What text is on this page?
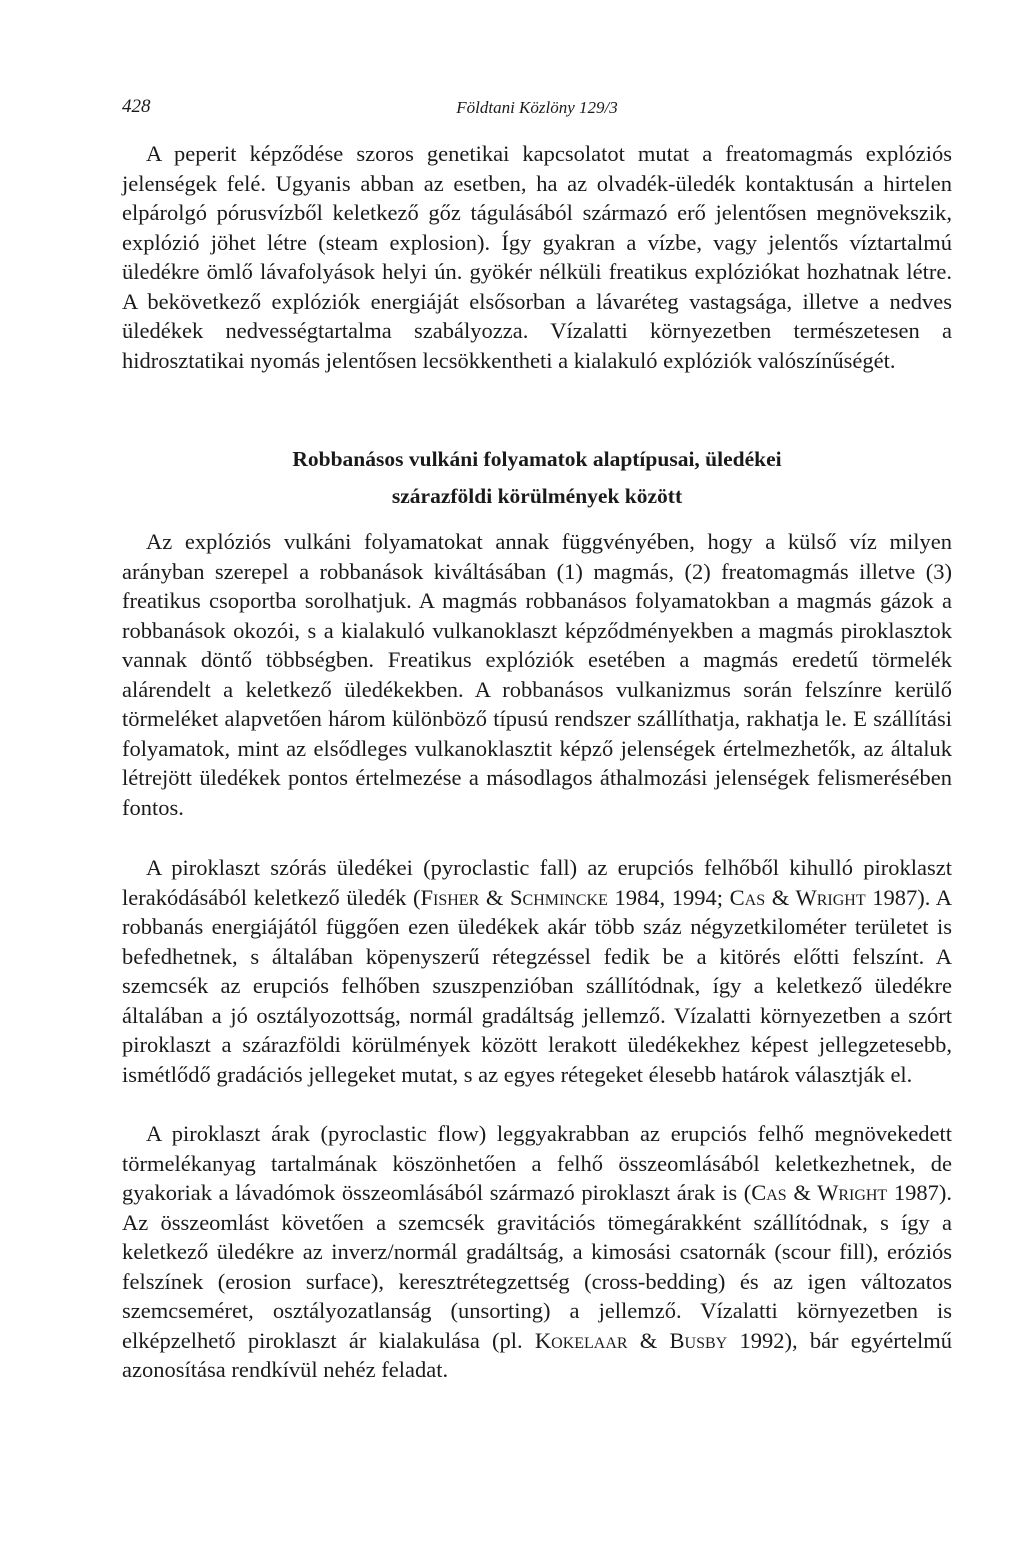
428	Földtani Közlöny 129/3

A peperit képződése szoros genetikai kapcsolatot mutat a freatomagmás explóziós jelenségek felé. Ugyanis abban az esetben, ha az olvadék-üledék kontaktusán a hirtelen elpárolgó pórusvízből keletkező gőz tágulásából származó erő jelentősen megnövekszik, explózió jöhet létre (steam explosion). Így gyakran a vízbe, vagy jelentős víztartalmú üledékre ömlő lávafolyások helyi ún. gyökér nélküli freatikus explóziókat hozhatnak létre. A bekövetkező explóziók energiáját elsősorban a lávaréteg vastagsága, illetve a nedves üledékek nedvességtartalma szabályozza. Vízalatti környezetben természetesen a hidrosztatikai nyomás jelentősen lecsökkentheti a kialakuló explóziók valószínűségét.

Robbanásos vulkáni folyamatok alaptípusai, üledékei
szárazföldi körülmények között

Az explóziós vulkáni folyamatokat annak függvényében, hogy a külső víz milyen arányban szerepel a robbanások kiváltásában (1) magmás, (2) freatomagmás illetve (3) freatikus csoportba sorolhatjuk. A magmás robbanásos folyamatokban a magmás gázok a robbanások okozói, s a kialakuló vulkanoklaszt képződményekben a magmás piroklasztok vannak döntő többségben. Freatikus explóziók esetében a magmás eredetű törmelék alárendelt a keletkező üledékekben. A robbanásos vulkanizmus során felszínre kerülő törmeléket alapvetően három különböző típusú rendszer szállíthatja, rakhatja le. E szállítási folyamatok, mint az elsődleges vulkanoklasztit képző jelenségek értelmezhetők, az általuk létrejött üledékek pontos értelmezése a másodlagos áthalmozási jelenségek felismerésében fontos.

A piroklaszt szórás üledékei (pyroclastic fall) az erupciós felhőből kihulló piroklaszt lerakódásából keletkező üledék (Fisher & Schmincke 1984, 1994; Cas & Wright 1987). A robbanás energiájától függően ezen üledékek akár több száz négyzetkilométer területet is befedhetnek, s általában köpenyszerű rétegzéssel fedik be a kitörés előtti felszínt. A szemcsék az erupciós felhőben szuszpenzióban szállítódnak, így a keletkező üledékre általában a jó osztályozottság, normál gradáltság jellemző. Vízalatti környezetben a szórt piroklaszt a szárazföldi körülmények között lerakott üledékekhez képest jellegzetesebb, ismétlődő gradációs jellegeket mutat, s az egyes rétegeket élesebb határok választják el.

A piroklaszt árak (pyroclastic flow) leggyakrabban az erupciós felhő megnövekedett törmelékanyag tartalmának köszönhetően a felhő összeomlásából keletkezhetnek, de gyakoriak a lávadómok összeomlásából származó piroklaszt árak is (Cas & Wright 1987). Az összeomlást követően a szemcsék gravitációs tömegárakként szállítódnak, s így a keletkező üledékre az inverz/normál gradáltság, a kimosási csatornák (scour fill), eróziós felszínek (erosion surface), keresztrétegzettség (cross-bedding) és az igen változatos szemcseméret, osztályozatlanság (unsorting) a jellemző. Vízalatti környezetben is elképzelhető piroklaszt ár kialakulása (pl. Kokelaar & Busby 1992), bár egyértelmű azonosítása rendkívül nehéz feladat.
